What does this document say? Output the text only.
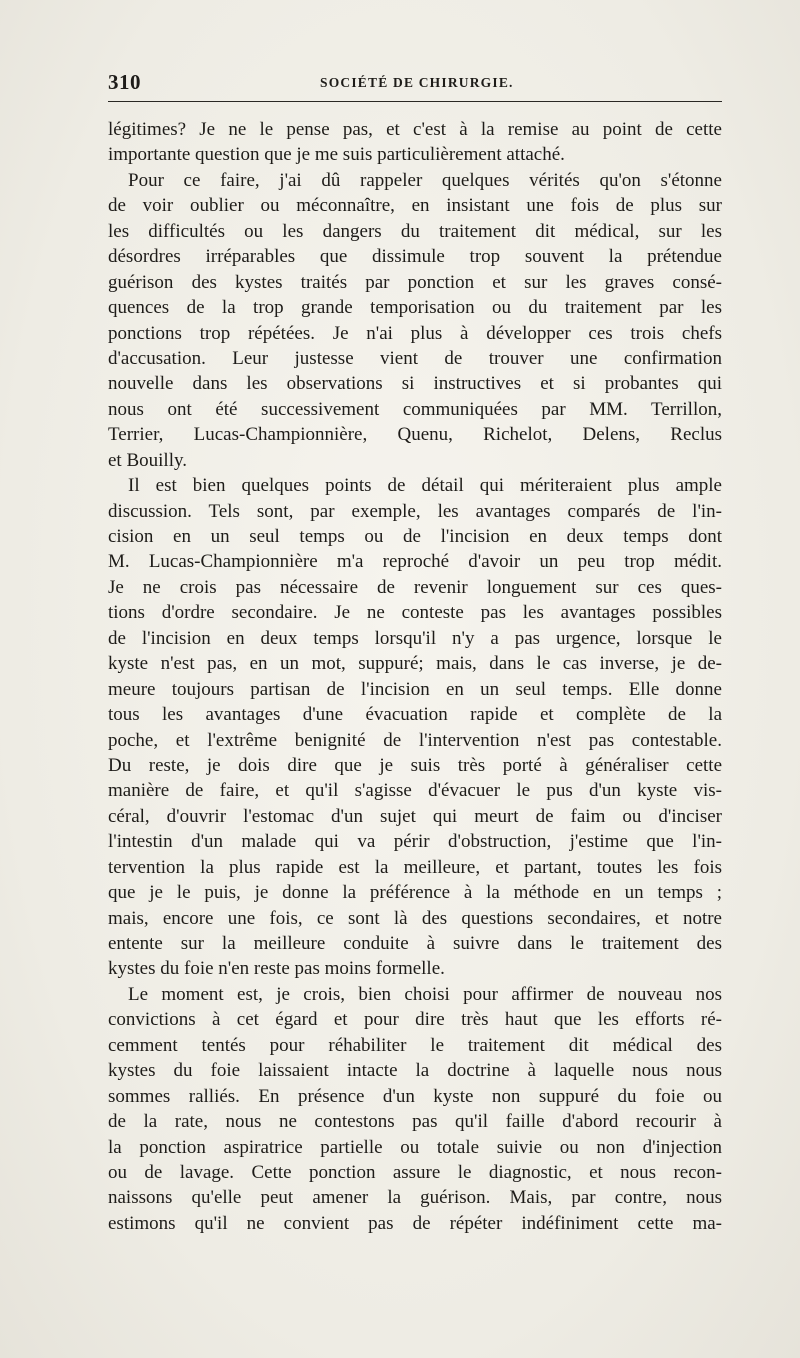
310	SOCIÉTÉ DE CHIRURGIE.
légitimes? Je ne le pense pas, et c'est à la remise au point de cette
importante question que je me suis particulièrement attaché.
Pour ce faire, j'ai dû rappeler quelques vérités qu'on s'étonne
de voir oublier ou méconnaître, en insistant une fois de plus sur
les difficultés ou les dangers du traitement dit médical, sur les
désordres irréparables que dissimule trop souvent la prétendue
guérison des kystes traités par ponction et sur les graves consé-
quences de la trop grande temporisation ou du traitement par les
ponctions trop répétées. Je n'ai plus à développer ces trois chefs
d'accusation. Leur justesse vient de trouver une confirmation
nouvelle dans les observations si instructives et si probantes qui
nous ont été successivement communiquées par MM. Terrillon,
Terrier, Lucas-Championnière, Quenu, Richelot, Delens, Reclus
et Bouilly.
Il est bien quelques points de détail qui mériteraient plus ample
discussion. Tels sont, par exemple, les avantages comparés de l'in-
cision en un seul temps ou de l'incision en deux temps dont
M. Lucas-Championnière m'a reproché d'avoir un peu trop médit.
Je ne crois pas nécessaire de revenir longuement sur ces ques-
tions d'ordre secondaire. Je ne conteste pas les avantages possibles
de l'incision en deux temps lorsqu'il n'y a pas urgence, lorsque le
kyste n'est pas, en un mot, suppuré; mais, dans le cas inverse, je de-
meure toujours partisan de l'incision en un seul temps. Elle donne
tous les avantages d'une évacuation rapide et complète de la
poche, et l'extrême benignité de l'intervention n'est pas contestable.
Du reste, je dois dire que je suis très porté à généraliser cette
manière de faire, et qu'il s'agisse d'évacuer le pus d'un kyste vis-
céral, d'ouvrir l'estomac d'un sujet qui meurt de faim ou d'inciser
l'intestin d'un malade qui va périr d'obstruction, j'estime que l'in-
tervention la plus rapide est la meilleure, et partant, toutes les fois
que je le puis, je donne la préférence à la méthode en un temps ;
mais, encore une fois, ce sont là des questions secondaires, et notre
entente sur la meilleure conduite à suivre dans le traitement des
kystes du foie n'en reste pas moins formelle.
Le moment est, je crois, bien choisi pour affirmer de nouveau nos
convictions à cet égard et pour dire très haut que les efforts ré-
cemment tentés pour réhabiliter le traitement dit médical des
kystes du foie laissaient intacte la doctrine à laquelle nous nous
sommes ralliés. En présence d'un kyste non suppuré du foie ou
de la rate, nous ne contestons pas qu'il faille d'abord recourir à
la ponction aspiratrice partielle ou totale suivie ou non d'injection
ou de lavage. Cette ponction assure le diagnostic, et nous recon-
naissons qu'elle peut amener la guérison. Mais, par contre, nous
estimons qu'il ne convient pas de répéter indéfiniment cette ma-
